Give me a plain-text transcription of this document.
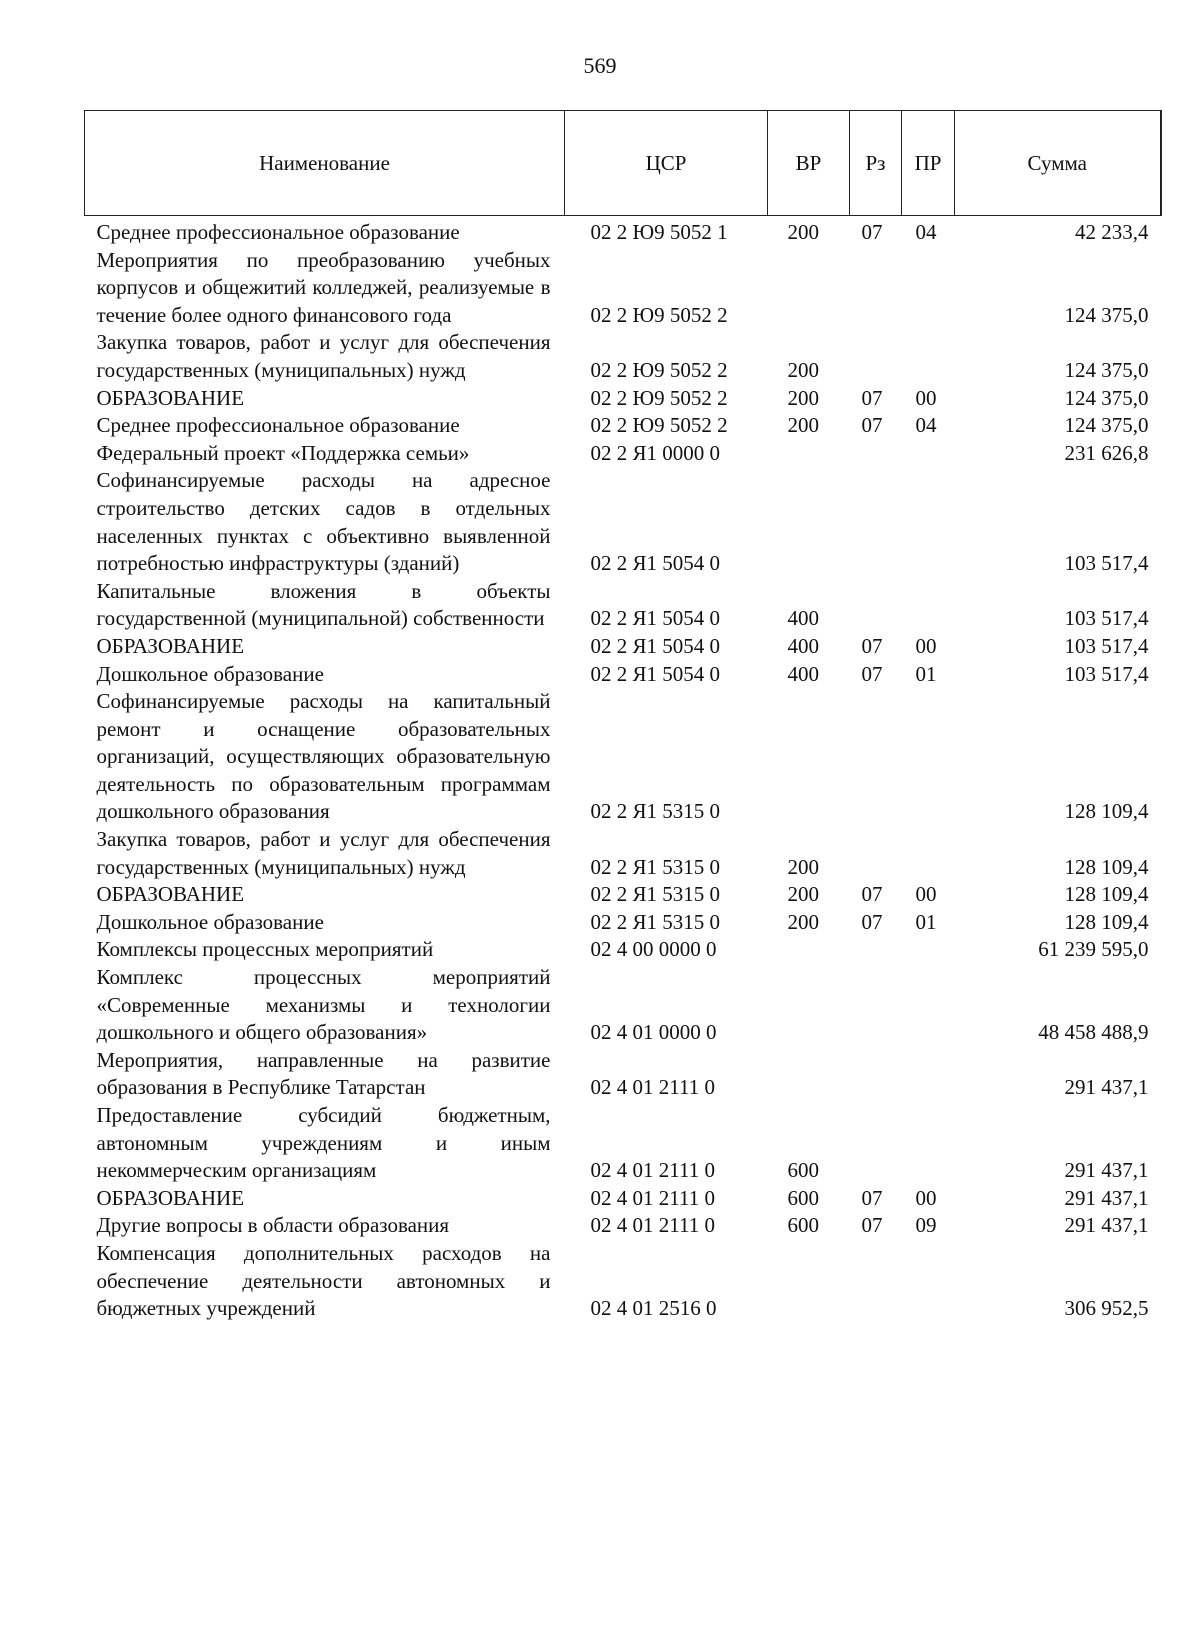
569
Наименование	ЦСР	ВР	Рз	ПР	Сумма
Среднее профессиональное образование	02 2 Ю9 5052 1	200	07	04	42 233,4
Мероприятия по преобразованию учебных корпусов и общежитий колледжей, реализуемые в течение более одного финансового года	02 2 Ю9 5052 2				124 375,0
Закупка товаров, работ и услуг для обеспечения государственных (муниципальных) нужд	02 2 Ю9 5052 2	200			124 375,0
ОБРАЗОВАНИЕ	02 2 Ю9 5052 2	200	07	00	124 375,0
Среднее профессиональное образование	02 2 Ю9 5052 2	200	07	04	124 375,0
Федеральный проект «Поддержка семьи»	02 2 Я1 0000 0				231 626,8
Софинансируемые расходы на адресное строительство детских садов в отдельных населенных пунктах с объективно выявленной потребностью инфраструктуры (зданий)	02 2 Я1 5054 0				103 517,4
Капитальные вложения в объекты государственной (муниципальной) собственности	02 2 Я1 5054 0	400			103 517,4
ОБРАЗОВАНИЕ	02 2 Я1 5054 0	400	07	00	103 517,4
Дошкольное образование	02 2 Я1 5054 0	400	07	01	103 517,4
Софинансируемые расходы на капитальный ремонт и оснащение образовательных организаций, осуществляющих образовательную деятельность по образовательным программам дошкольного образования	02 2 Я1 5315 0				128 109,4
Закупка товаров, работ и услуг для обеспечения государственных (муниципальных) нужд	02 2 Я1 5315 0	200			128 109,4
ОБРАЗОВАНИЕ	02 2 Я1 5315 0	200	07	00	128 109,4
Дошкольное образование	02 2 Я1 5315 0	200	07	01	128 109,4
Комплексы процессных мероприятий	02 4 00 0000 0				61 239 595,0
Комплекс процессных мероприятий «Современные механизмы и технологии дошкольного и общего образования»	02 4 01 0000 0				48 458 488,9
Мероприятия, направленные на развитие образования в Республике Татарстан	02 4 01 2111 0				291 437,1
Предоставление субсидий бюджетным, автономным учреждениям и иным некоммерческим организациям	02 4 01 2111 0	600			291 437,1
ОБРАЗОВАНИЕ	02 4 01 2111 0	600	07	00	291 437,1
Другие вопросы в области образования	02 4 01 2111 0	600	07	09	291 437,1
Компенсация дополнительных расходов на обеспечение деятельности автономных и бюджетных учреждений	02 4 01 2516 0				306 952,5
